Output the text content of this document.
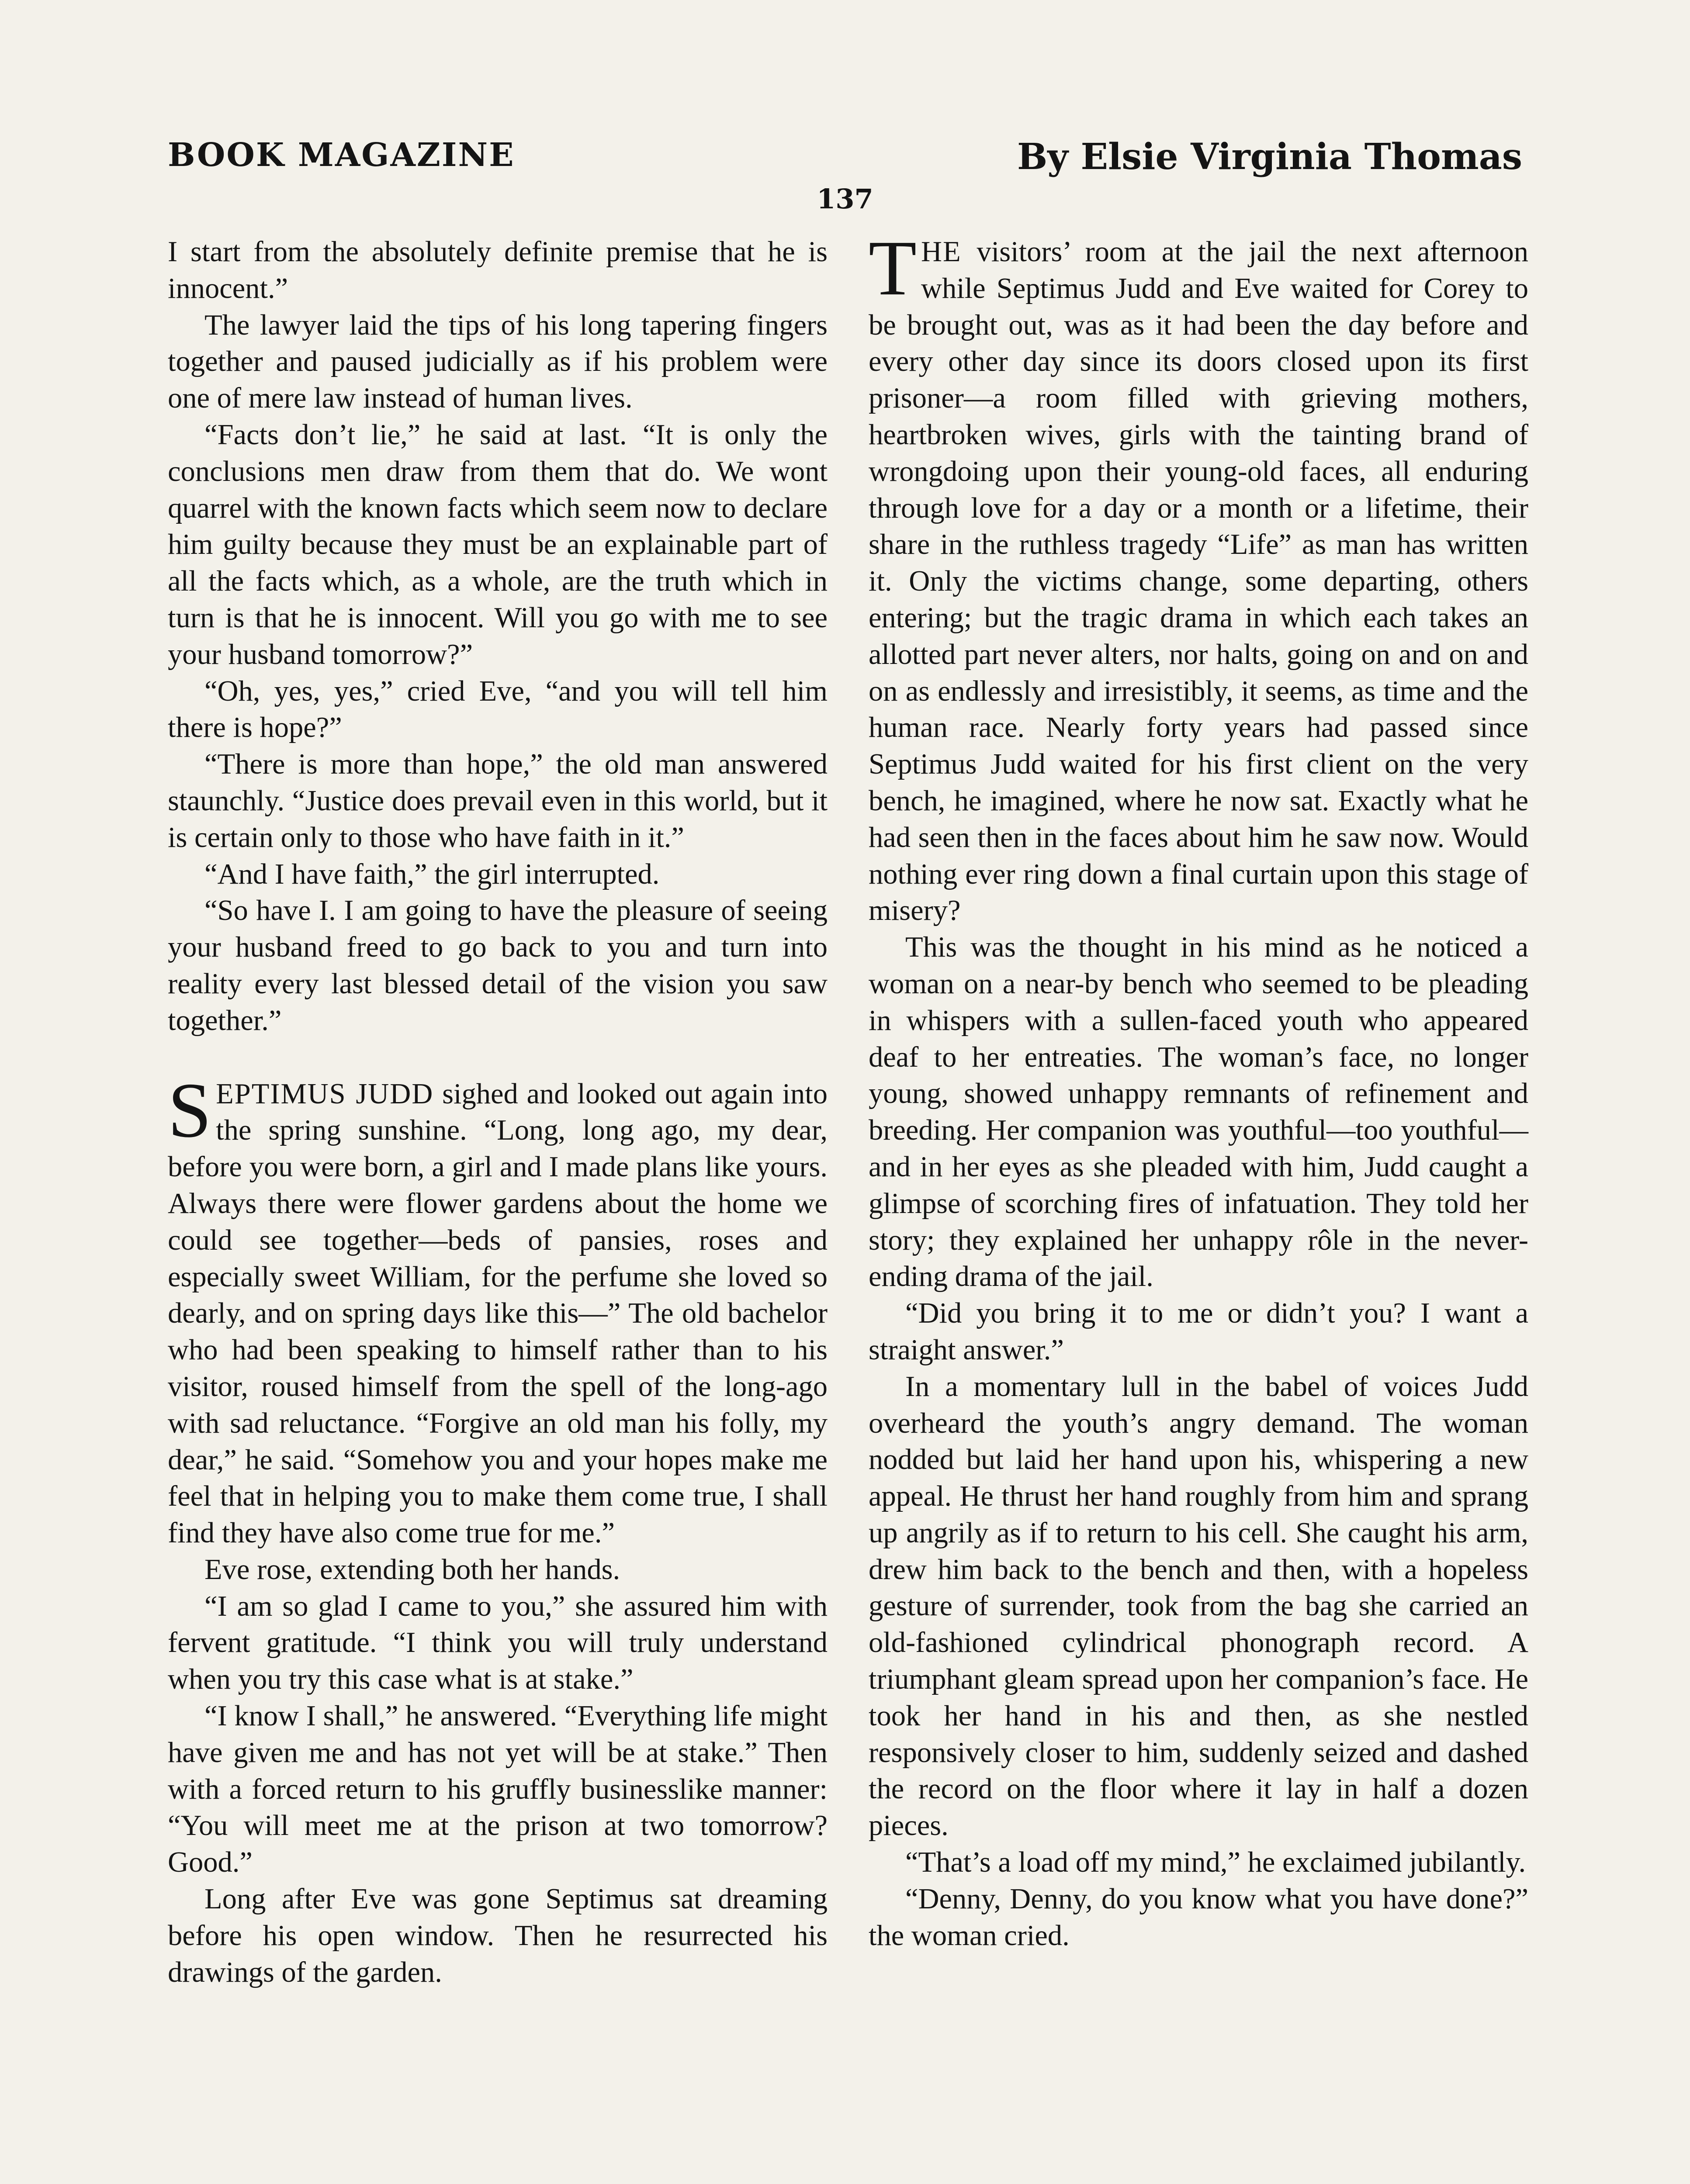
BOOK MAGAZINE	By Elsie Virginia Thomas
137

I start from the absolutely definite premise that he is innocent.”

The lawyer laid the tips of his long tapering fingers together and paused judicially as if his problem were one of mere law instead of human lives.

“Facts don’t lie,” he said at last. “It is only the conclusions men draw from them that do. We wont quarrel with the known facts which seem now to declare him guilty because they must be an explainable part of all the facts which, as a whole, are the truth which in turn is that he is innocent. Will you go with me to see your husband tomorrow?”

“Oh, yes, yes,” cried Eve, “and you will tell him there is hope?”

“There is more than hope,” the old man answered staunchly. “Justice does prevail even in this world, but it is certain only to those who have faith in it.”

“And I have faith,” the girl interrupted.

“So have I. I am going to have the pleasure of seeing your husband freed to go back to you and turn into reality every last blessed detail of the vision you saw together.”

SEPTIMUS JUDD sighed and looked out again into the spring sunshine. “Long, long ago, my dear, before you were born, a girl and I made plans like yours. Always there were flower gardens about the home we could see together—beds of pansies, roses and especially sweet William, for the perfume she loved so dearly, and on spring days like this—” The old bachelor who had been speaking to himself rather than to his visitor, roused himself from the spell of the long-ago with sad reluctance. “Forgive an old man his folly, my dear,” he said. “Somehow you and your hopes make me feel that in helping you to make them come true, I shall find they have also come true for me.”

Eve rose, extending both her hands.

“I am so glad I came to you,” she assured him with fervent gratitude. “I think you will truly understand when you try this case what is at stake.”

“I know I shall,” he answered. “Everything life might have given me and has not yet will be at stake.” Then with a forced return to his gruffly businesslike manner: “You will meet me at the prison at two tomorrow? Good.”

Long after Eve was gone Septimus sat dreaming before his open window. Then he resurrected his drawings of the garden.

THE visitors’ room at the jail the next afternoon while Septimus Judd and Eve waited for Corey to be brought out, was as it had been the day before and every other day since its doors closed upon its first prisoner—a room filled with grieving mothers, heartbroken wives, girls with the tainting brand of wrongdoing upon their young-old faces, all enduring through love for a day or a month or a lifetime, their share in the ruthless tragedy “Life” as man has written it. Only the victims change, some departing, others entering; but the tragic drama in which each takes an allotted part never alters, nor halts, going on and on and on as endlessly and irresistibly, it seems, as time and the human race. Nearly forty years had passed since Septimus Judd waited for his first client on the very bench, he imagined, where he now sat. Exactly what he had seen then in the faces about him he saw now. Would nothing ever ring down a final curtain upon this stage of misery?

This was the thought in his mind as he noticed a woman on a near-by bench who seemed to be pleading in whispers with a sullen-faced youth who appeared deaf to her entreaties. The woman’s face, no longer young, showed unhappy remnants of refinement and breeding. Her companion was youthful—too youthful—and in her eyes as she pleaded with him, Judd caught a glimpse of scorching fires of infatuation. They told her story; they explained her unhappy rôle in the never-ending drama of the jail.

“Did you bring it to me or didn’t you? I want a straight answer.”

In a momentary lull in the babel of voices Judd overheard the youth’s angry demand. The woman nodded but laid her hand upon his, whispering a new appeal. He thrust her hand roughly from him and sprang up angrily as if to return to his cell. She caught his arm, drew him back to the bench and then, with a hopeless gesture of surrender, took from the bag she carried an old-fashioned cylindrical phonograph record. A triumphant gleam spread upon her companion’s face. He took her hand in his and then, as she nestled responsively closer to him, suddenly seized and dashed the record on the floor where it lay in half a dozen pieces.

“That’s a load off my mind,” he exclaimed jubilantly.

“Denny, Denny, do you know what you have done?” the woman cried.
